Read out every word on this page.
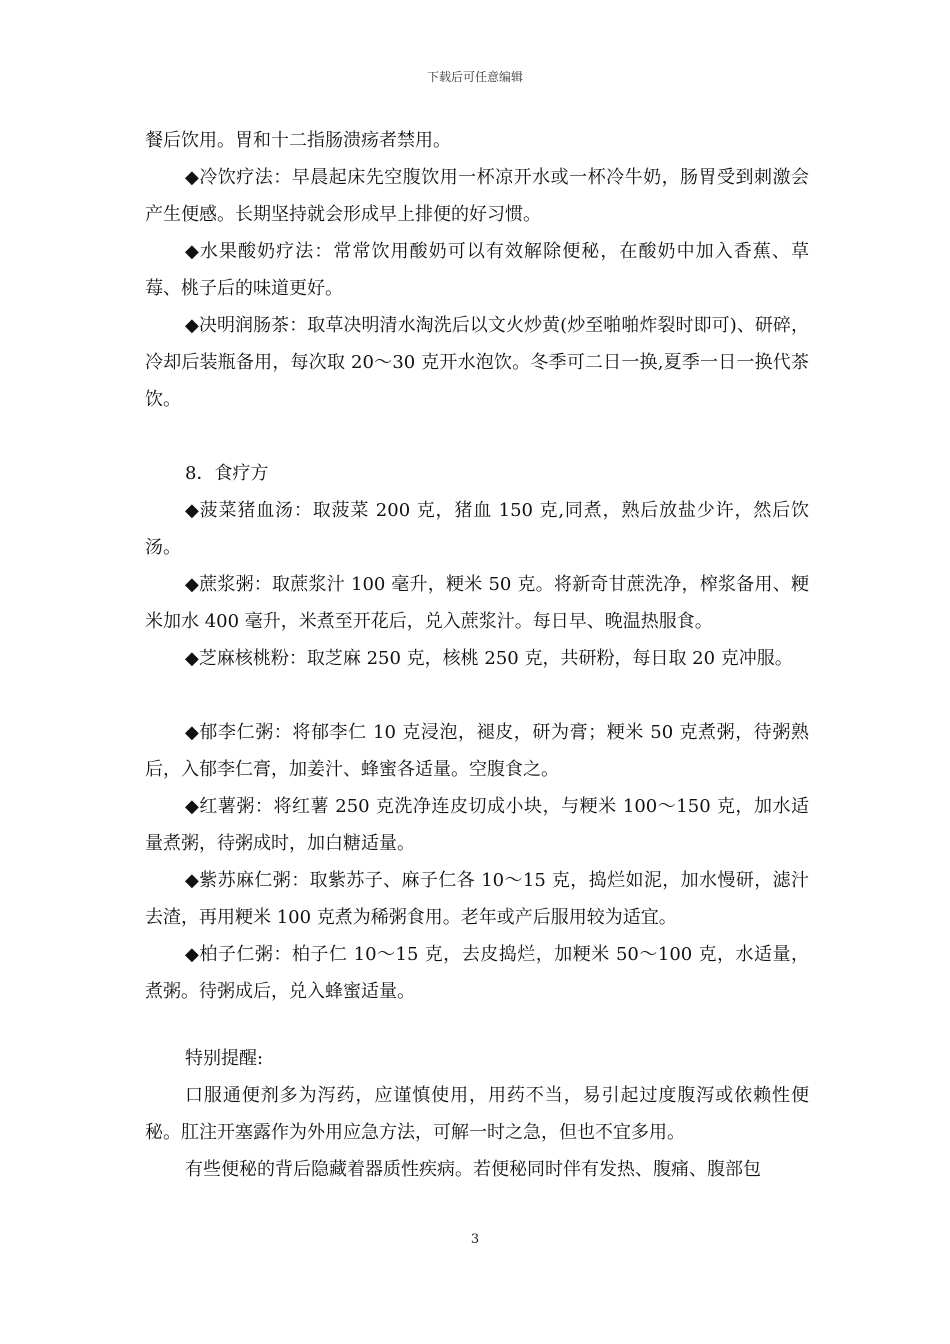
下载后可任意编辑

餐后饮用。胃和十二指肠溃疡者禁用。

◆冷饮疗法：早晨起床先空腹饮用一杯凉开水或一杯冷牛奶，肠胃受到刺激会产生便感。长期坚持就会形成早上排便的好习惯。

◆水果酸奶疗法：常常饮用酸奶可以有效解除便秘，在酸奶中加入香蕉、草莓、桃子后的味道更好。

◆决明润肠茶：取草决明清水淘洗后以文火炒黄(炒至啪啪炸裂时即可)、研碎，冷却后装瓶备用，每次取 20～30 克开水泡饮。冬季可二日一换,夏季一日一换代茶饮。

8．食疗方

◆菠菜猪血汤：取菠菜 200 克，猪血 150 克,同煮，熟后放盐少许，然后饮汤。

◆蔗浆粥：取蔗浆汁 100 毫升，粳米 50 克。将新奇甘蔗洗净，榨浆备用、粳米加水 400 毫升，米煮至开花后，兑入蔗浆汁。每日早、晚温热服食。

◆芝麻核桃粉：取芝麻 250 克，核桃 250 克，共研粉，每日取 20 克冲服。

◆郁李仁粥：将郁李仁 10 克浸泡，褪皮，研为膏；粳米 50 克煮粥，待粥熟后，入郁李仁膏，加姜汁、蜂蜜各适量。空腹食之。

◆红薯粥：将红薯 250 克洗净连皮切成小块，与粳米 100～150 克，加水适量煮粥，待粥成时，加白糖适量。

◆紫苏麻仁粥：取紫苏子、麻子仁各 10～15 克，捣烂如泥，加水慢研，滤汁去渣，再用粳米 100 克煮为稀粥食用。老年或产后服用较为适宜。

◆柏子仁粥：柏子仁 10～15 克，去皮捣烂，加粳米 50～100 克，水适量，煮粥。待粥成后，兑入蜂蜜适量。

特别提醒:

口服通便剂多为泻药，应谨慎使用，用药不当，易引起过度腹泻或依赖性便秘。肛注开塞露作为外用应急方法，可解一时之急，但也不宜多用。

有些便秘的背后隐藏着器质性疾病。若便秘同时伴有发热、腹痛、腹部包

3
